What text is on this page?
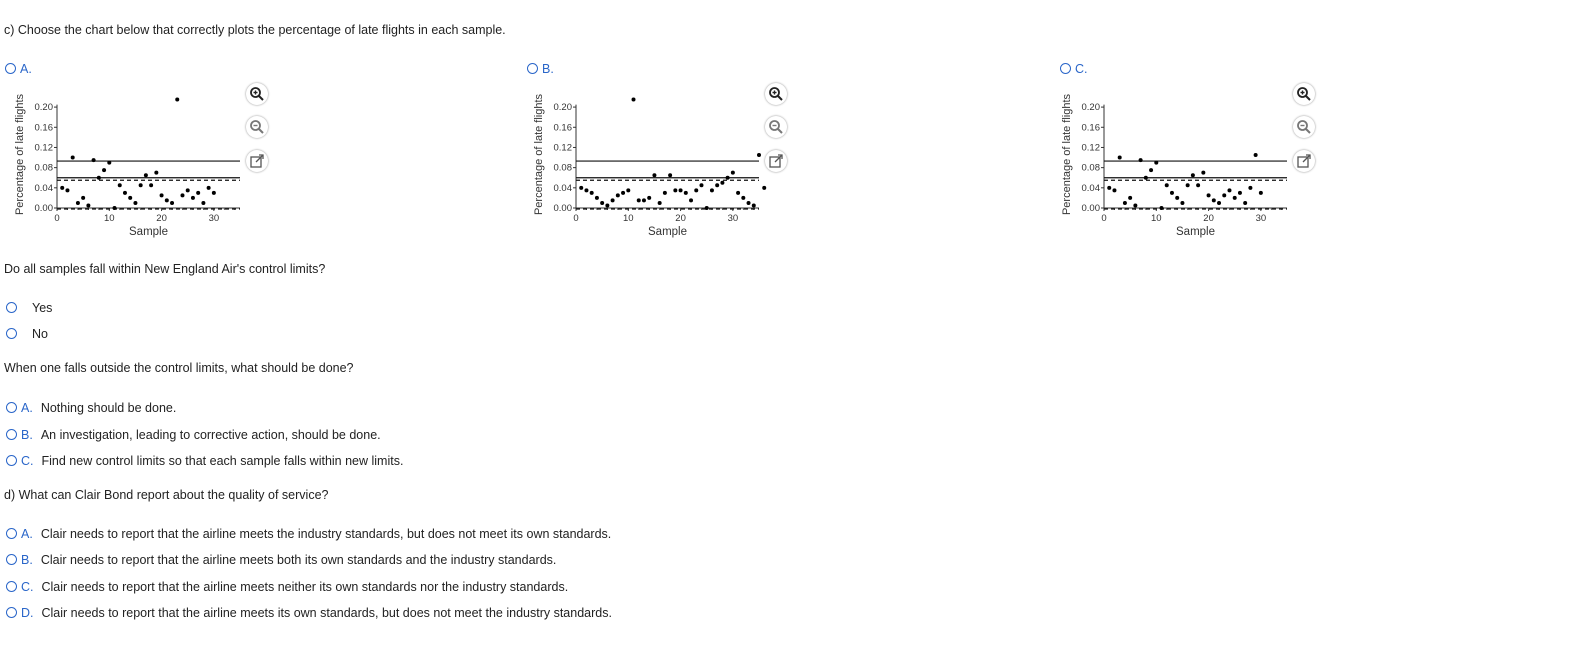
c) Choose the chart below that correctly plots the percentage of late flights in each sample.
A.
0.00
0.04
0.08
0.12
0.16
0.20
0	10	20	30
Sample
Percentage of late flights
B.
0.00
0.04
0.08
0.12
0.16
0.20
0	10	20	30
Sample
Percentage of late flights
C.
0.00
0.04
0.08
0.12
0.16
0.20
0	10	20	30
Sample
Percentage of late flights
Do all samples fall within New England Air's control limits?
Yes
No
When one falls outside the control limits, what should be done?
A. Nothing should be done.
B. An investigation, leading to corrective action, should be done.
C. Find new control limits so that each sample falls within new limits.
d) What can Clair Bond report about the quality of service?
A. Clair needs to report that the airline meets the industry standards, but does not meet its own standards.
B. Clair needs to report that the airline meets both its own standards and the industry standards.
C. Clair needs to report that the airline meets neither its own standards nor the industry standards.
D. Clair needs to report that the airline meets its own standards, but does not meet the industry standards.
